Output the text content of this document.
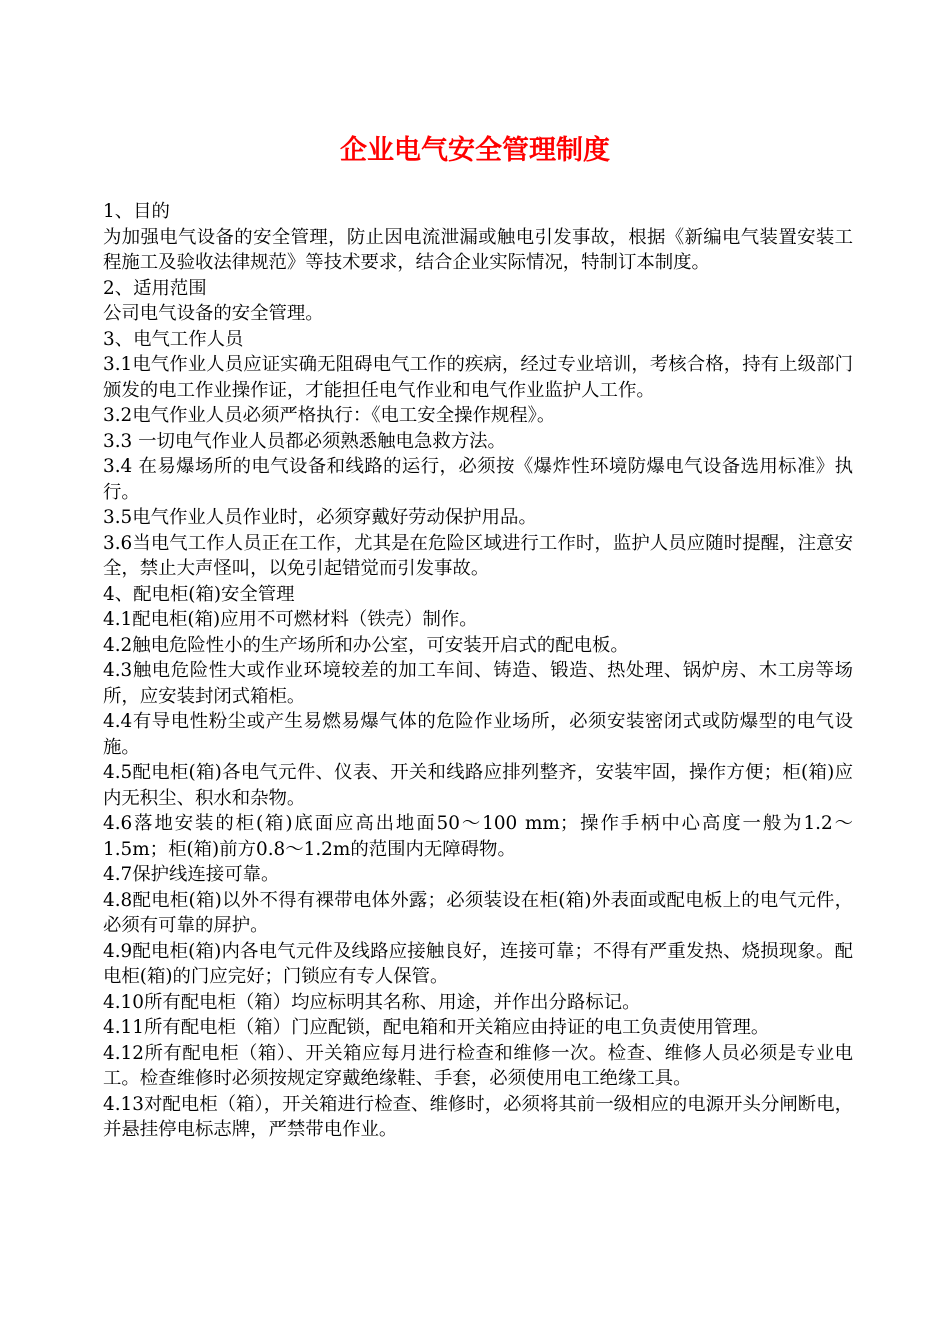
企业电气安全管理制度

1、目的

为加强电气设备的安全管理，防止因电流泄漏或触电引发事故，根据《新编电气装置安装工程施工及验收法律规范》等技术要求，结合企业实际情况，特制订本制度。

2、适用范围

公司电气设备的安全管理。

3、电气工作人员

3.1电气作业人员应证实确无阻碍电气工作的疾病，经过专业培训，考核合格，持有上级部门颁发的电工作业操作证，才能担任电气作业和电气作业监护人工作。

3.2电气作业人员必须严格执行：《电工安全操作规程》。

3.3 一切电气作业人员都必须熟悉触电急救方法。

3.4 在易爆场所的电气设备和线路的运行，必须按《爆炸性环境防爆电气设备选用标准》执行。

3.5电气作业人员作业时，必须穿戴好劳动保护用品。

3.6当电气工作人员正在工作，尤其是在危险区域进行工作时，监护人员应随时提醒，注意安全，禁止大声怪叫，以免引起错觉而引发事故。

4、配电柜(箱)安全管理

4.1配电柜(箱)应用不可燃材料（铁壳）制作。

4.2触电危险性小的生产场所和办公室，可安装开启式的配电板。

4.3触电危险性大或作业环境较差的加工车间、铸造、锻造、热处理、锅炉房、木工房等场所，应安装封闭式箱柜。

4.4有导电性粉尘或产生易燃易爆气体的危险作业场所，必须安装密闭式或防爆型的电气设施。

4.5配电柜(箱)各电气元件、仪表、开关和线路应排列整齐，安装牢固，操作方便；柜(箱)应内无积尘、积水和杂物。

4.6落地安装的柜(箱)底面应高出地面50～100 mm；操作手柄中心高度一般为1.2～1.5m；柜(箱)前方0.8～1.2m的范围内无障碍物。

4.7保护线连接可靠。

4.8配电柜(箱)以外不得有裸带电体外露；必须装设在柜(箱)外表面或配电板上的电气元件，必须有可靠的屏护。

4.9配电柜(箱)内各电气元件及线路应接触良好，连接可靠；不得有严重发热、烧损现象。配电柜(箱)的门应完好；门锁应有专人保管。

4.10所有配电柜（箱）均应标明其名称、用途，并作出分路标记。

4.11所有配电柜（箱）门应配锁，配电箱和开关箱应由持证的电工负责使用管理。

4.12所有配电柜（箱）、开关箱应每月进行检查和维修一次。检查、维修人员必须是专业电工。检查维修时必须按规定穿戴绝缘鞋、手套，必须使用电工绝缘工具。

4.13对配电柜（箱），开关箱进行检查、维修时，必须将其前一级相应的电源开头分闸断电，并悬挂停电标志牌，严禁带电作业。
